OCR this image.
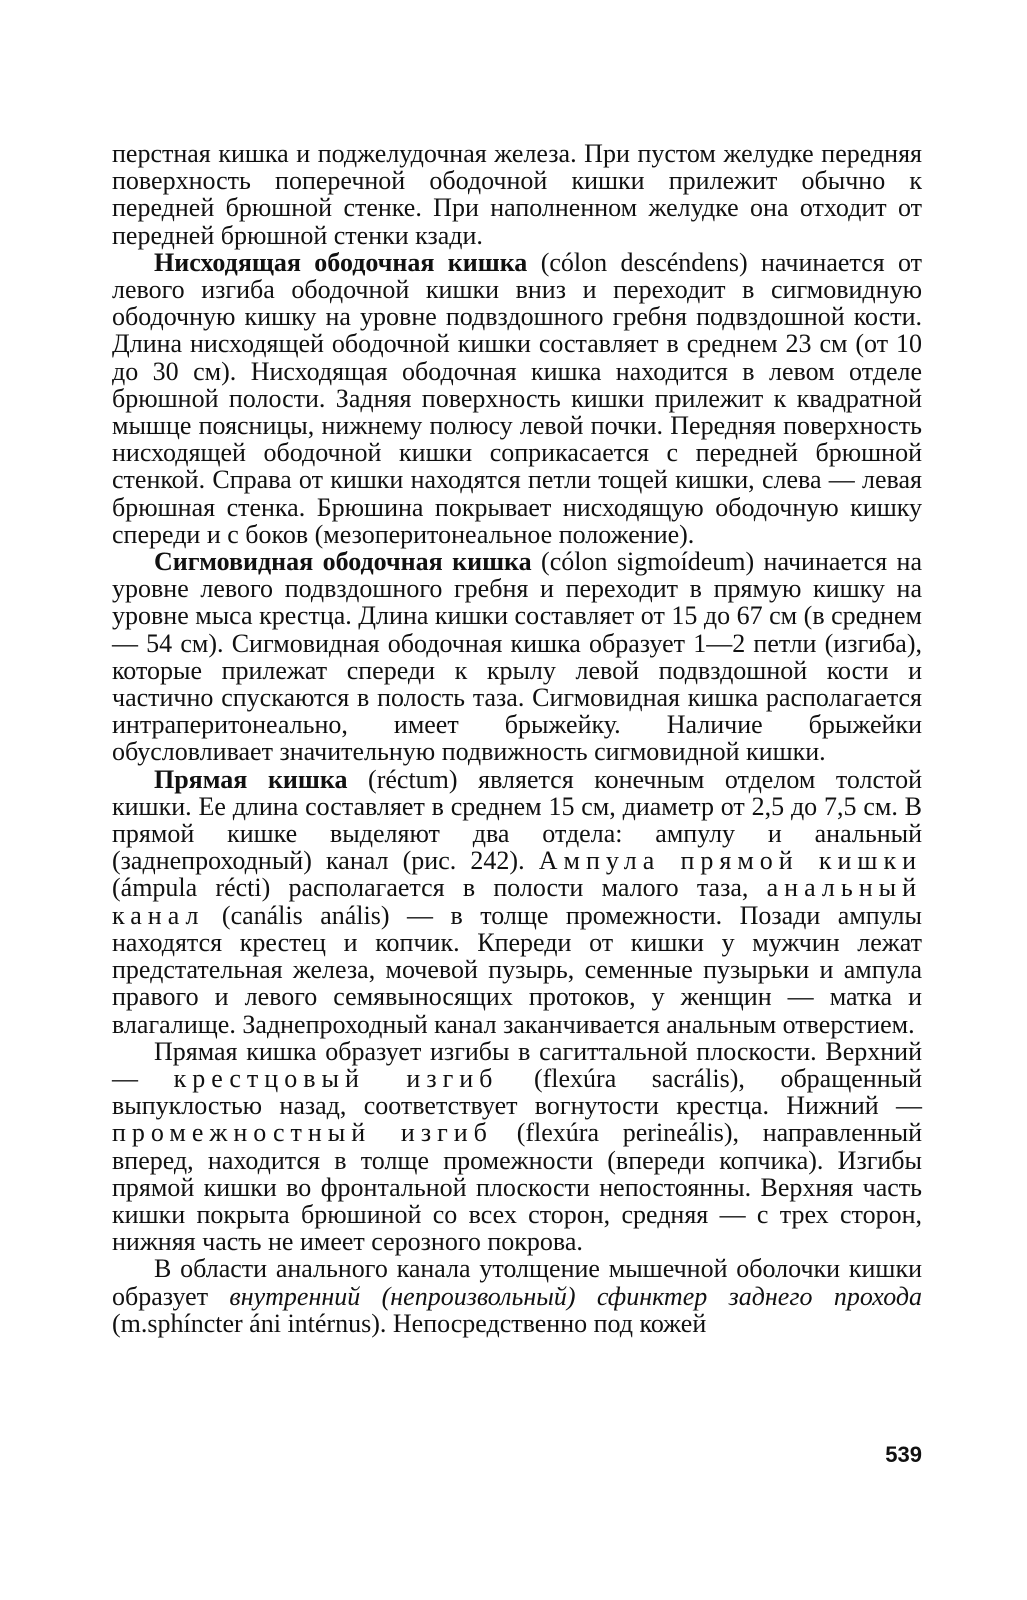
перстная кишка и поджелудочная железа. При пустом желудке передняя поверхность поперечной ободочной кишки прилежит обычно к передней брюшной стенке. При наполненном желудке она отходит от передней брюшной стенки кзади.

Нисходящая ободочная кишка (cólon descéndens) начинается от левого изгиба ободочной кишки вниз и переходит в сигмовидную ободочную кишку на уровне подвздошного гребня подвздошной кости. Длина нисходящей ободочной кишки составляет в среднем 23 см (от 10 до 30 см). Нисходящая ободочная кишка находится в левом отделе брюшной полости. Задняя поверхность кишки прилежит к квадратной мышце поясницы, нижнему полюсу левой почки. Передняя поверхность нисходящей ободочной кишки соприкасается с передней брюшной стенкой. Справа от кишки находятся петли тощей кишки, слева — левая брюшная стенка. Брюшина покрывает нисходящую ободочную кишку спереди и с боков (мезоперитонеальное положение).

Сигмовидная ободочная кишка (cólon sigmoídeum) начинается на уровне левого подвздошного гребня и переходит в прямую кишку на уровне мыса крестца. Длина кишки составляет от 15 до 67 см (в среднем — 54 см). Сигмовидная ободочная кишка образует 1—2 петли (изгиба), которые прилежат спереди к крылу левой подвздошной кости и частично спускаются в полость таза. Сигмовидная кишка располагается интраперитонеально, имеет брыжейку. Наличие брыжейки обусловливает значительную подвижность сигмовидной кишки.

Прямая кишка (réctum) является конечным отделом толстой кишки. Ее длина составляет в среднем 15 см, диаметр от 2,5 до 7,5 см. В прямой кишке выделяют два отдела: ампулу и анальный (заднепроходный) канал (рис. 242). Ампула прямой кишки (ámpula récti) располагается в полости малого таза, анальный канал (canális anális) — в толще промежности. Позади ампулы находятся крестец и копчик. Кпереди от кишки у мужчин лежат предстательная железа, мочевой пузырь, семенные пузырьки и ампула правого и левого семявыносящих протоков, у женщин — матка и влагалище. Заднепроходный канал заканчивается анальным отверстием.

Прямая кишка образует изгибы в сагиттальной плоскости. Верхний — крестцовый изгиб (flexúra sacrális), обращенный выпуклостью назад, соответствует вогнутости крестца. Нижний — промежностный изгиб (flexúra perineális), направленный вперед, находится в толще промежности (впереди копчика). Изгибы прямой кишки во фронтальной плоскости непостоянны. Верхняя часть кишки покрыта брюшиной со всех сторон, средняя — с трех сторон, нижняя часть не имеет серозного покрова.

В области анального канала утолщение мышечной оболочки кишки образует внутренний (непроизвольный) сфинктер заднего прохода (m.sphíncter áni intérnus). Непосредственно под кожей

539
